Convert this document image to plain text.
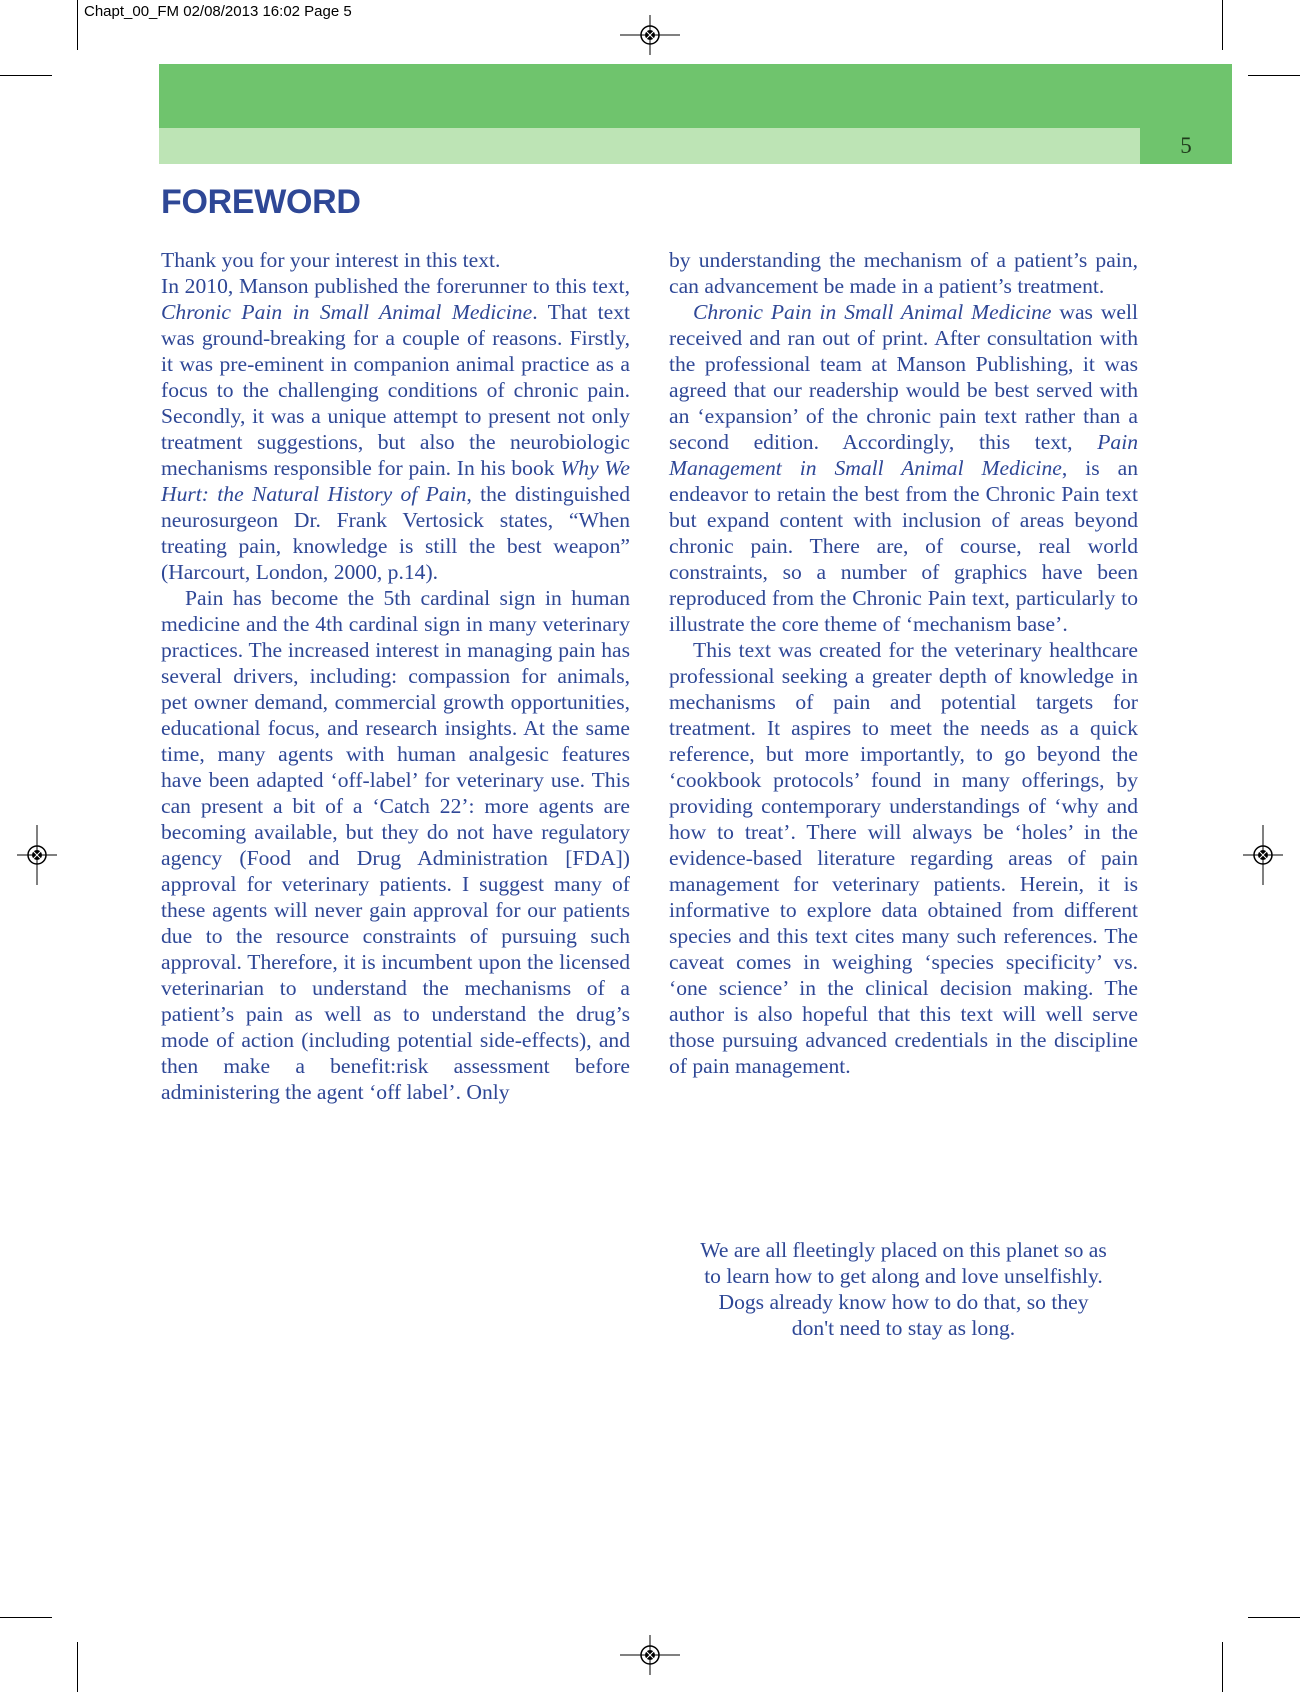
Chapt_00_FM 02/08/2013 16:02 Page 5
5
FOREWORD

Thank you for your interest in this text.

In 2010, Manson published the forerunner to this text, Chronic Pain in Small Animal Medicine. That text was ground-breaking for a couple of reasons. Firstly, it was pre-eminent in companion animal practice as a focus to the challenging conditions of chronic pain. Secondly, it was a unique attempt to present not only treatment suggestions, but also the neurobiologic mechanisms responsible for pain. In his book Why We Hurt: the Natural History of Pain, the distinguished neurosurgeon Dr. Frank Vertosick states, “When treating pain, knowledge is still the best weapon” (Harcourt, London, 2000, p.14).

Pain has become the 5th cardinal sign in human medicine and the 4th cardinal sign in many veterinary practices. The increased interest in managing pain has several drivers, including: compassion for animals, pet owner demand, commercial growth opportunities, educational focus, and research insights. At the same time, many agents with human analgesic features have been adapted ‘off-label’ for veterinary use. This can present a bit of a ‘Catch 22’: more agents are becoming available, but they do not have regulatory agency (Food and Drug Administration [FDA]) approval for veterinary patients. I suggest many of these agents will never gain approval for our patients due to the resource constraints of pursuing such approval. Therefore, it is incumbent upon the licensed veterinarian to understand the mechanisms of a patient’s pain as well as to understand the drug’s mode of action (including potential side-effects), and then make a benefit:risk assessment before administering the agent ‘off label’. Only

by understanding the mechanism of a patient’s pain, can advancement be made in a patient’s treatment.

Chronic Pain in Small Animal Medicine was well received and ran out of print. After consultation with the professional team at Manson Publishing, it was agreed that our readership would be best served with an ‘expansion’ of the chronic pain text rather than a second edition. Accordingly, this text, Pain Management in Small Animal Medicine, is an endeavor to retain the best from the Chronic Pain text but expand content with inclusion of areas beyond chronic pain. There are, of course, real world constraints, so a number of graphics have been reproduced from the Chronic Pain text, particularly to illustrate the core theme of ‘mechanism base’.

This text was created for the veterinary healthcare professional seeking a greater depth of knowledge in mechanisms of pain and potential targets for treatment. It aspires to meet the needs as a quick reference, but more importantly, to go beyond the ‘cookbook protocols’ found in many offerings, by providing contemporary understandings of ‘why and how to treat’. There will always be ‘holes’ in the evidence-based literature regarding areas of pain management for veterinary patients. Herein, it is informative to explore data obtained from different species and this text cites many such references. The caveat comes in weighing ‘species specificity’ vs. ‘one science’ in the clinical decision making. The author is also hopeful that this text will well serve those pursuing advanced credentials in the discipline of pain management.

We are all fleetingly placed on this planet so as

to learn how to get along and love unselfishly.

Dogs already know how to do that, so they

don't need to stay as long.
